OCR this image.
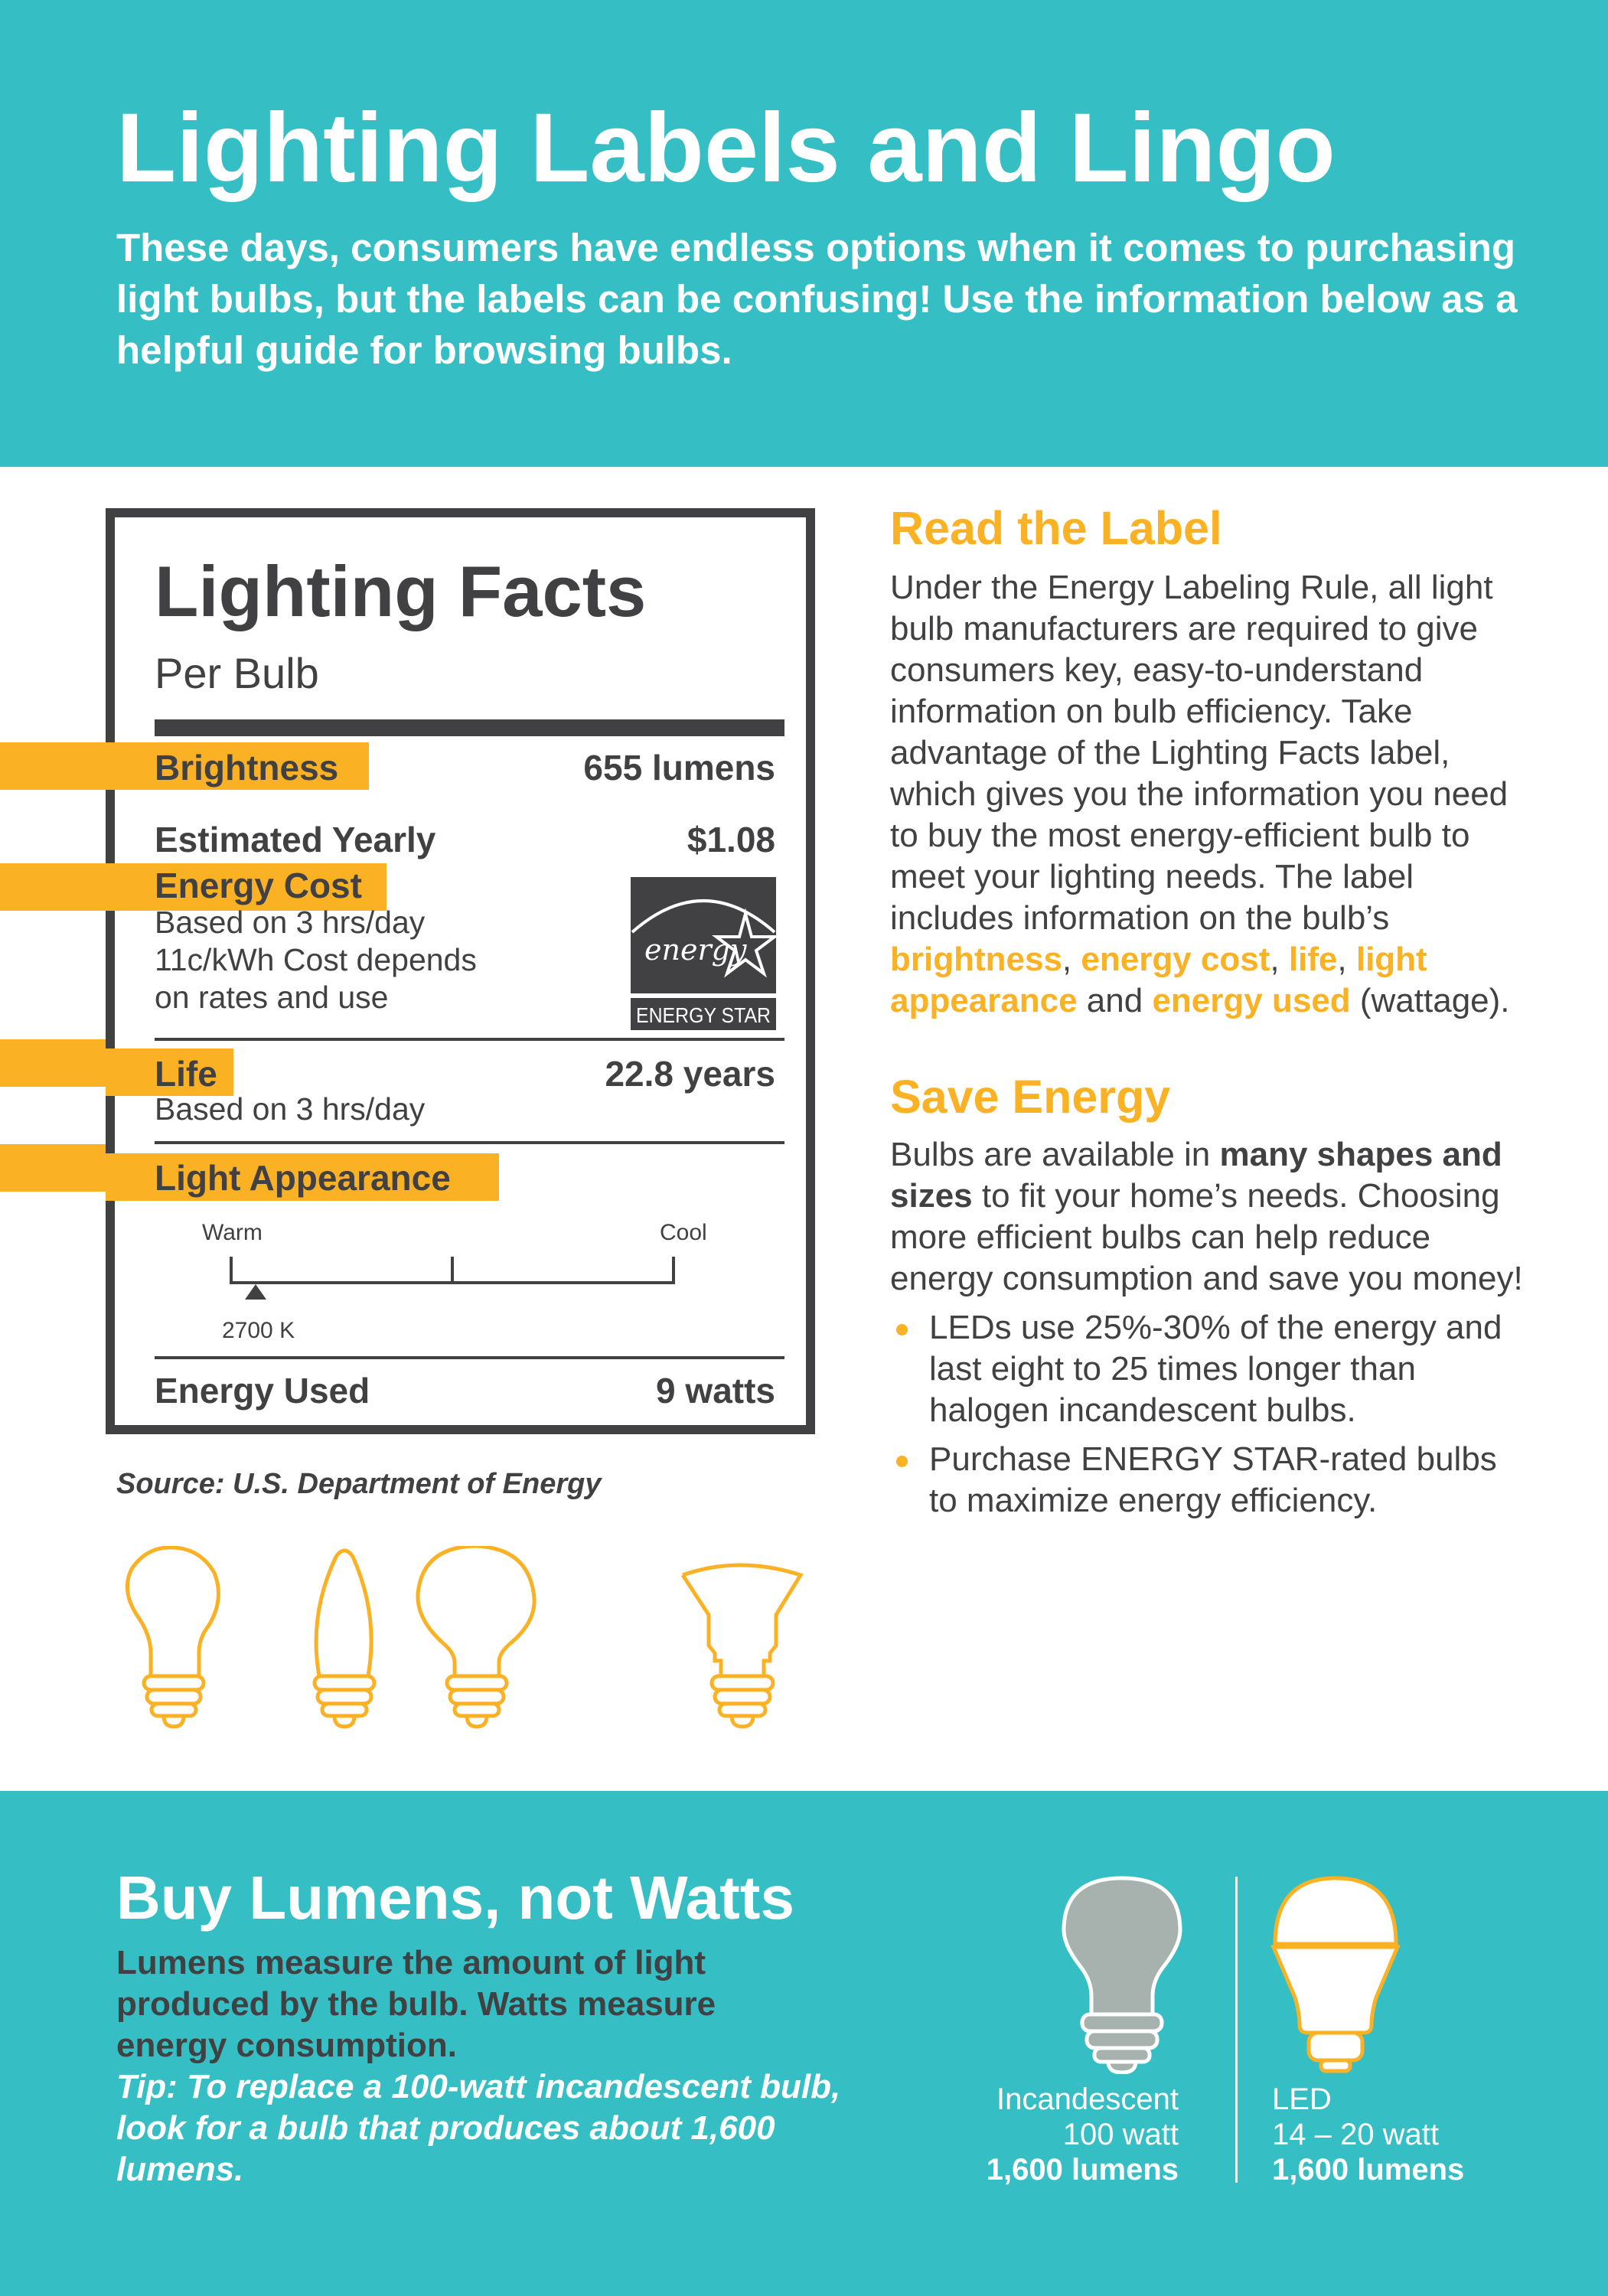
Lighting Labels and Lingo

These days, consumers have endless options when it comes to purchasing light bulbs, but the labels can be confusing! Use the information below as a helpful guide for browsing bulbs.

Lighting Facts
Per Bulb
Brightness	655 lumens
Estimated Yearly	$1.08
Energy Cost
Based on 3 hrs/day
11c/kWh Cost depends
on rates and use
energy
ENERGY STAR
Life	22.8 years
Based on 3 hrs/day
Light Appearance
Warm	Cool
2700 K
Energy Used	9 watts
Source: U.S. Department of Energy
Read the Label

Under the Energy Labeling Rule, all light bulb manufacturers are required to give consumers key, easy-to-understand information on bulb efficiency. Take advantage of the Lighting Facts label, which gives you the information you need to buy the most energy-efficient bulb to meet your lighting needs. The label includes information on the bulb’s brightness, energy cost, life, light appearance and energy used (wattage).

Save Energy

Bulbs are available in many shapes and sizes to fit your home’s needs. Choosing more efficient bulbs can help reduce energy consumption and save you money!

LEDs use 25%-30% of the energy and last eight to 25 times longer than halogen incandescent bulbs.
Purchase ENERGY STAR-rated bulbs to maximize energy efficiency.
Buy Lumens, not Watts

Lumens measure the amount of light produced by the bulb. Watts measure energy consumption.

Tip: To replace a 100-watt incandescent bulb, look for a bulb that produces about 1,600 lumens.

Incandescent
100 watt
1,600 lumens
LED
14 – 20 watt
1,600 lumens
